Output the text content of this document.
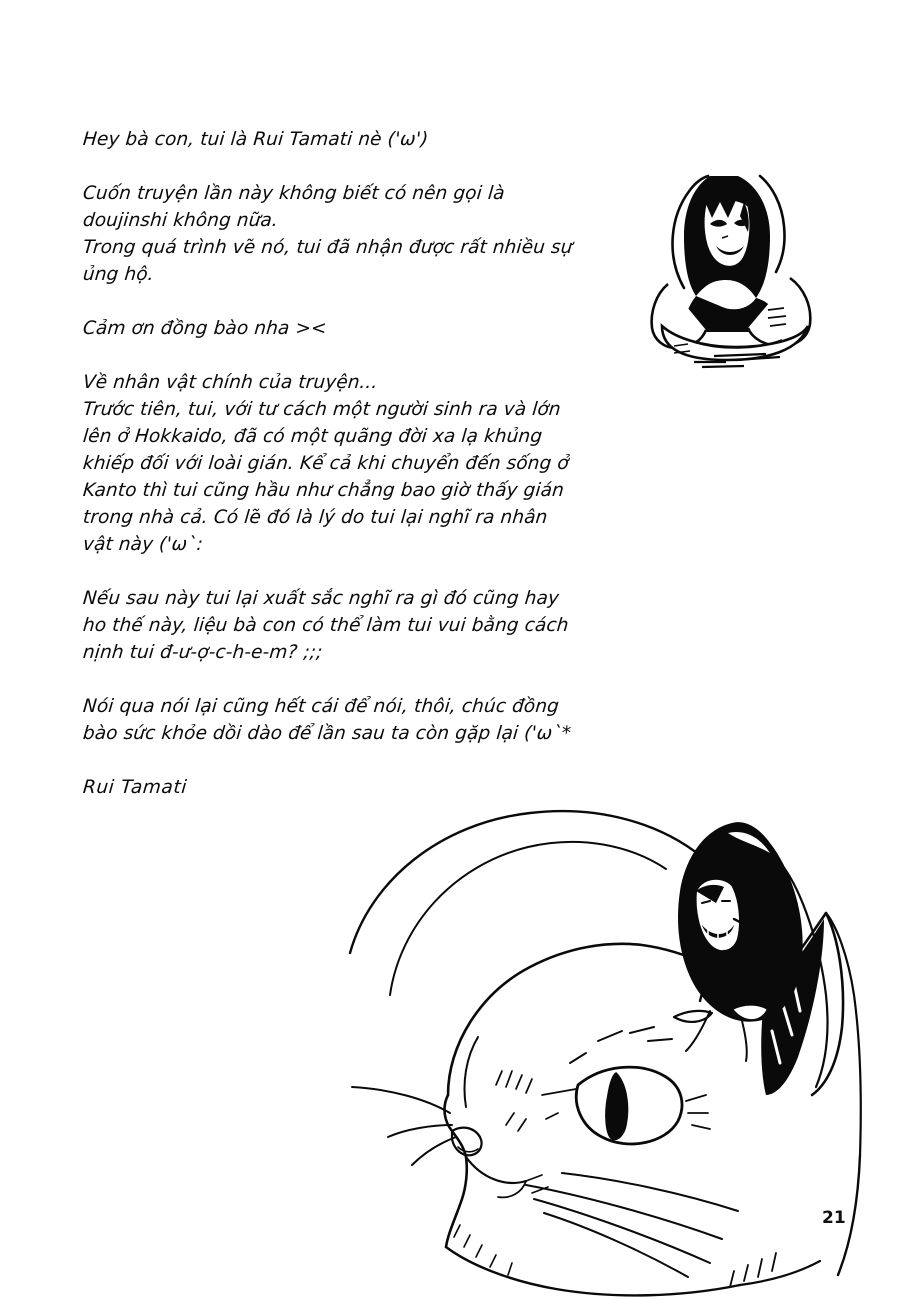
Hey bà con, tui là Rui Tamati nè ('ω')
Cuốn truyện lần này không biết có nên gọi là
doujinshi không nữa.
Trong quá trình vẽ nó, tui đã nhận được rất nhiều sự
ủng hộ.
Cảm ơn đồng bào nha ><
Về nhân vật chính của truyện...
Trước tiên, tui, với tư cách một người sinh ra và lớn
lên ở Hokkaido, đã có một quãng đời xa lạ khủng
khiếp đối với loài gián. Kể cả khi chuyển đến sống ở
Kanto thì tui cũng hầu như chẳng bao giờ thấy gián
trong nhà cả. Có lẽ đó là lý do tui lại nghĩ ra nhân
vật này ('ω`:
Nếu sau này tui lại xuất sắc nghĩ ra gì đó cũng hay
ho thế này, liệu bà con có thể làm tui vui bằng cách
nịnh tui đ-ư-ợ-c-h-e-m? ;;;
Nói qua nói lại cũng hết cái để nói, thôi, chúc đồng
bào sức khỏe dồi dào để lần sau ta còn gặp lại ('ω`*
Rui Tamati
21
